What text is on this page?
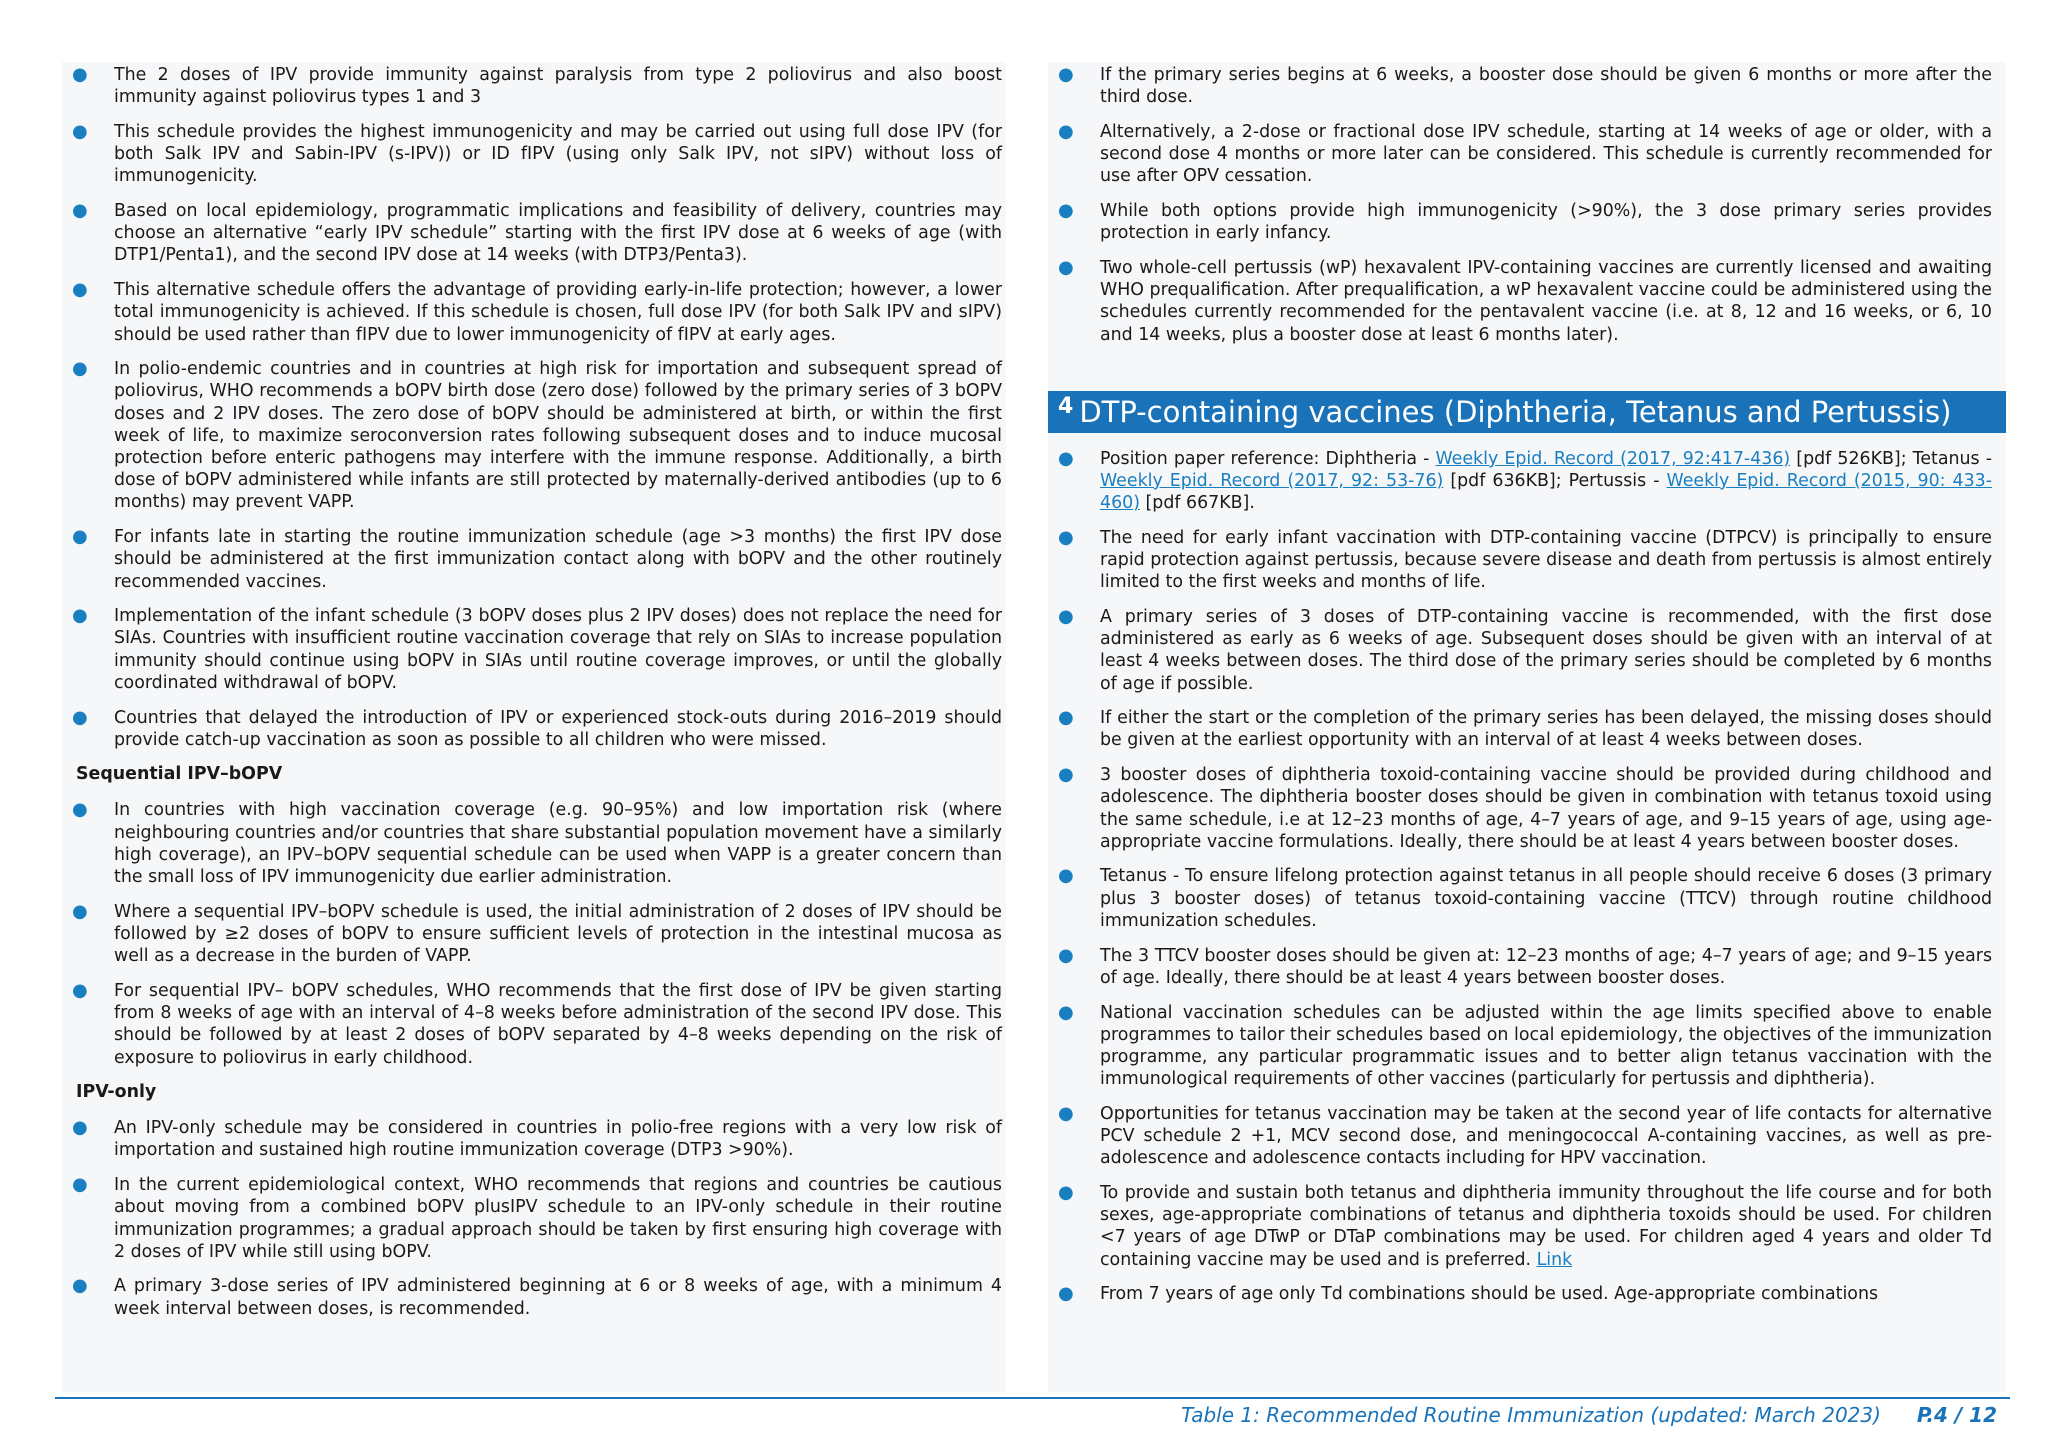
● The 2 doses of IPV provide immunity against paralysis from type 2 poliovirus and also boost immunity against poliovirus types 1 and 3
● This schedule provides the highest immunogenicity and may be carried out using full dose IPV (for both Salk IPV and Sabin-IPV (s-IPV)) or ID fIPV (using only Salk IPV, not sIPV) without loss of immunogenicity.
● Based on local epidemiology, programmatic implications and feasibility of delivery, countries may choose an alternative “early IPV schedule” starting with the first IPV dose at 6 weeks of age (with DTP1/Penta1), and the second IPV dose at 14 weeks (with DTP3/Penta3).
● This alternative schedule offers the advantage of providing early-in-life protection; however, a lower total immunogenicity is achieved. If this schedule is chosen, full dose IPV (for both Salk IPV and sIPV) should be used rather than fIPV due to lower immunogenicity of fIPV at early ages.
● In polio-endemic countries and in countries at high risk for importation and subsequent spread of poliovirus, WHO recommends a bOPV birth dose (zero dose) followed by the primary series of 3 bOPV doses and 2 IPV doses. The zero dose of bOPV should be administered at birth, or within the first week of life, to maximize seroconversion rates following subsequent doses and to induce mucosal protection before enteric pathogens may interfere with the immune response. Additionally, a birth dose of bOPV administered while infants are still protected by maternally-derived antibodies (up to 6 months) may prevent VAPP.
● For infants late in starting the routine immunization schedule (age >3 months) the first IPV dose should be administered at the first immunization contact along with bOPV and the other routinely recommended vaccines.
● Implementation of the infant schedule (3 bOPV doses plus 2 IPV doses) does not replace the need for SIAs. Countries with insufficient routine vaccination coverage that rely on SIAs to increase population immunity should continue using bOPV in SIAs until routine coverage improves, or until the globally coordinated withdrawal of bOPV.
● Countries that delayed the introduction of IPV or experienced stock-outs during 2016–2019 should provide catch-up vaccination as soon as possible to all children who were missed.
Sequential IPV–bOPV
● In countries with high vaccination coverage (e.g. 90–95%) and low importation risk (where neighbouring countries and/or countries that share substantial population movement have a similarly high coverage), an IPV–bOPV sequential schedule can be used when VAPP is a greater concern than the small loss of IPV immunogenicity due earlier administration.
● Where a sequential IPV–bOPV schedule is used, the initial administration of 2 doses of IPV should be followed by ≥2 doses of bOPV to ensure sufficient levels of protection in the intestinal mucosa as well as a decrease in the burden of VAPP.
● For sequential IPV– bOPV schedules, WHO recommends that the first dose of IPV be given starting from 8 weeks of age with an interval of 4–8 weeks before administration of the second IPV dose. This should be followed by at least 2 doses of bOPV separated by 4–8 weeks depending on the risk of exposure to poliovirus in early childhood.
IPV-only
● An IPV-only schedule may be considered in countries in polio-free regions with a very low risk of importation and sustained high routine immunization coverage (DTP3 >90%).
● In the current epidemiological context, WHO recommends that regions and countries be cautious about moving from a combined bOPV plusIPV schedule to an IPV-only schedule in their routine immunization programmes; a gradual approach should be taken by first ensuring high coverage with 2 doses of IPV while still using bOPV.
● A primary 3-dose series of IPV administered beginning at 6 or 8 weeks of age, with a minimum 4 week interval between doses, is recommended.
● If the primary series begins at 6 weeks, a booster dose should be given 6 months or more after the third dose.
● Alternatively, a 2-dose or fractional dose IPV schedule, starting at 14 weeks of age or older, with a second dose 4 months or more later can be considered. This schedule is currently recommended for use after OPV cessation.
● While both options provide high immunogenicity (>90%), the 3 dose primary series provides protection in early infancy.
● Two whole-cell pertussis (wP) hexavalent IPV-containing vaccines are currently licensed and awaiting WHO prequalification. After prequalification, a wP hexavalent vaccine could be administered using the schedules currently recommended for the pentavalent vaccine (i.e. at 8, 12 and 16 weeks, or 6, 10 and 14 weeks, plus a booster dose at least 6 months later).
4 DTP-containing vaccines (Diphtheria, Tetanus and Pertussis)
● Position paper reference: Diphtheria - Weekly Epid. Record (2017, 92:417-436) [pdf 526KB]; Tetanus - Weekly Epid. Record (2017, 92: 53-76) [pdf 636KB]; Pertussis - Weekly Epid. Record (2015, 90: 433-460) [pdf 667KB].
● The need for early infant vaccination with DTP-containing vaccine (DTPCV) is principally to ensure rapid protection against pertussis, because severe disease and death from pertussis is almost entirely limited to the first weeks and months of life.
● A primary series of 3 doses of DTP-containing vaccine is recommended, with the first dose administered as early as 6 weeks of age. Subsequent doses should be given with an interval of at least 4 weeks between doses. The third dose of the primary series should be completed by 6 months of age if possible.
● If either the start or the completion of the primary series has been delayed, the missing doses should be given at the earliest opportunity with an interval of at least 4 weeks between doses.
● 3 booster doses of diphtheria toxoid-containing vaccine should be provided during childhood and adolescence. The diphtheria booster doses should be given in combination with tetanus toxoid using the same schedule, i.e at 12–23 months of age, 4–7 years of age, and 9–15 years of age, using age-appropriate vaccine formulations. Ideally, there should be at least 4 years between booster doses.
● Tetanus - To ensure lifelong protection against tetanus in all people should receive 6 doses (3 primary plus 3 booster doses) of tetanus toxoid-containing vaccine (TTCV) through routine childhood immunization schedules.
● The 3 TTCV booster doses should be given at: 12–23 months of age; 4–7 years of age; and 9–15 years of age. Ideally, there should be at least 4 years between booster doses.
● National vaccination schedules can be adjusted within the age limits specified above to enable programmes to tailor their schedules based on local epidemiology, the objectives of the immunization programme, any particular programmatic issues and to better align tetanus vaccination with the immunological requirements of other vaccines (particularly for pertussis and diphtheria).
● Opportunities for tetanus vaccination may be taken at the second year of life contacts for alternative PCV schedule 2 +1, MCV second dose, and meningococcal A-containing vaccines, as well as pre-adolescence and adolescence contacts including for HPV vaccination.
● To provide and sustain both tetanus and diphtheria immunity throughout the life course and for both sexes, age-appropriate combinations of tetanus and diphtheria toxoids should be used. For children <7 years of age DTwP or DTaP combinations may be used. For children aged 4 years and older Td containing vaccine may be used and is preferred. Link
● From 7 years of age only Td combinations should be used. Age-appropriate combinations
Table 1: Recommended Routine Immunization (updated: March 2023) P.4 / 12
